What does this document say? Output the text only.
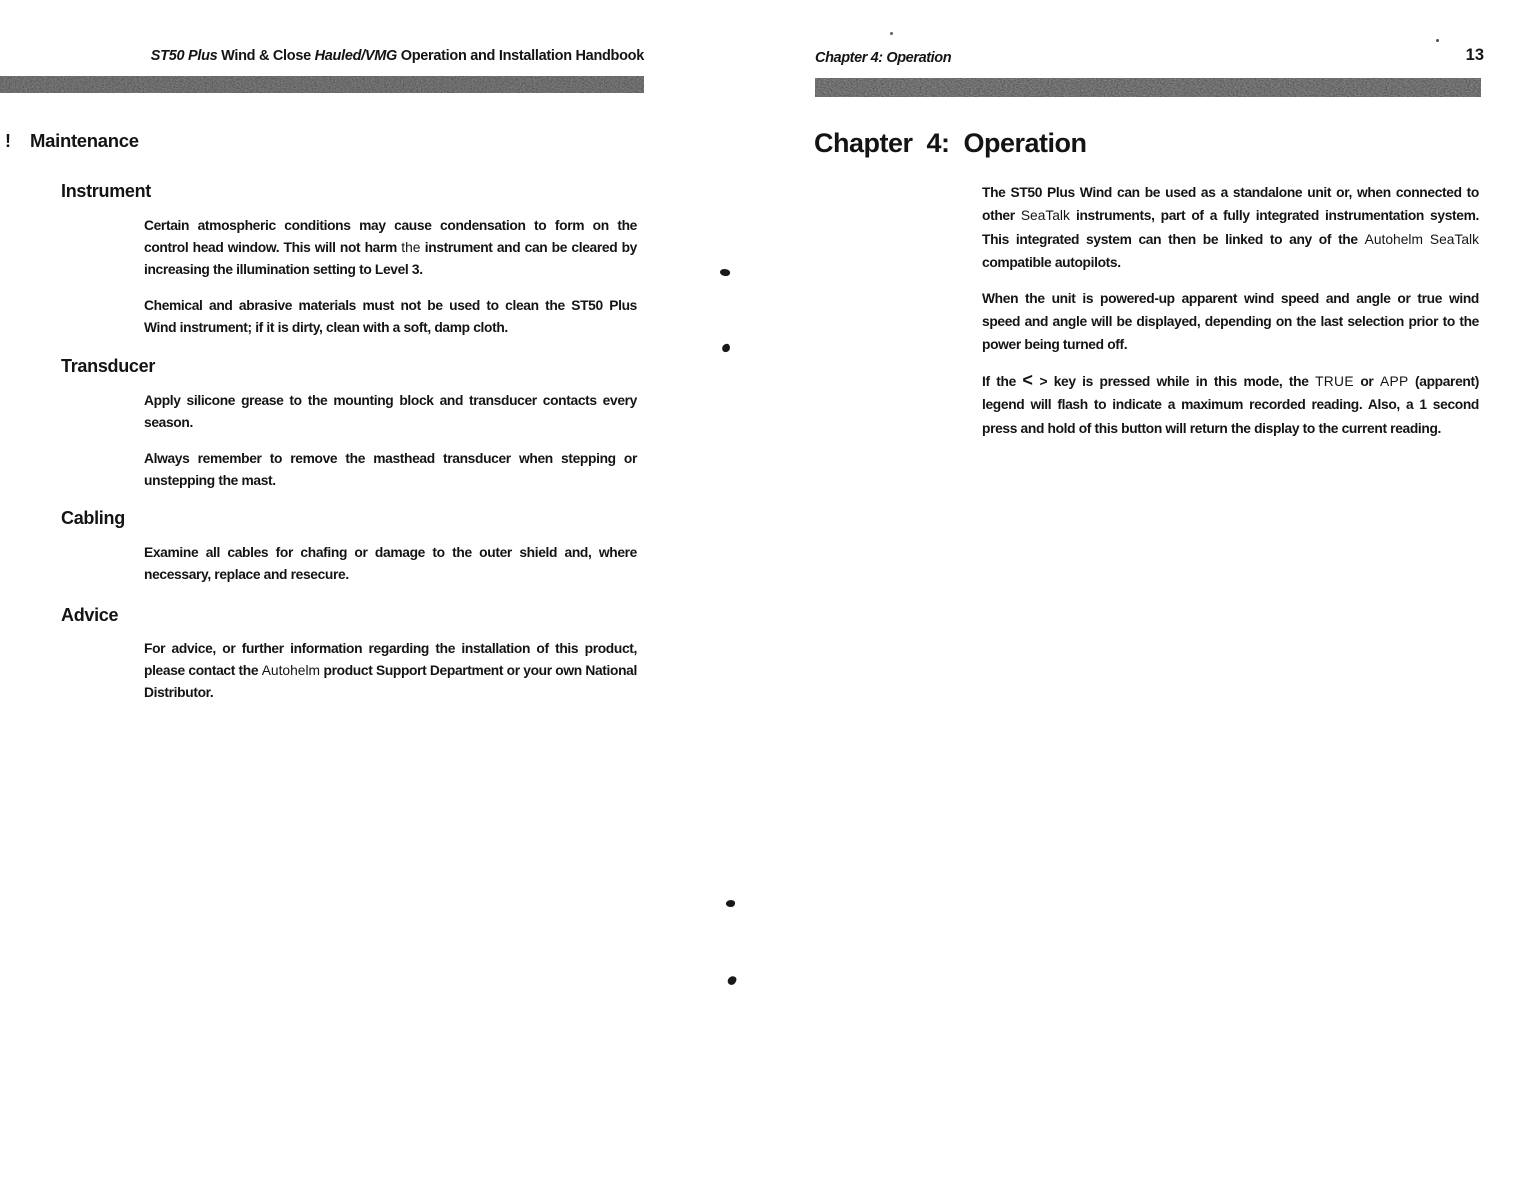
ST50 Plus Wind & Close Hauled/VMG Operation and Installation Handbook
! Maintenance
Instrument

Certain atmospheric conditions may cause condensation to form on the control head window. This will not harm the instrument and can be cleared by increasing the illumination setting to Level 3.

Chemical and abrasive materials must not be used to clean the ST50 Plus Wind instrument; if it is dirty, clean with a soft, damp cloth.

Transducer

Apply silicone grease to the mounting block and transducer contacts every season.

Always remember to remove the masthead transducer when stepping or unstepping the mast.

Cabling

Examine all cables for chafing or damage to the outer shield and, where necessary, replace and resecure.

Advice

For advice, or further information regarding the installation of this product, please contact the Autohelm product Support Department or your own National Distributor.

Chapter 4: Operation	13
Chapter 4: Operation

The ST50 Plus Wind can be used as a standalone unit or, when connected to other SeaTalk instruments, part of a fully integrated instrumentation system. This integrated system can then be linked to any of the Autohelm SeaTalk compatible autopilots.

When the unit is powered-up apparent wind speed and angle or true wind speed and angle will be displayed, depending on the last selection prior to the power being turned off.

If the < > key is pressed while in this mode, the TRUE or APP (apparent) legend will flash to indicate a maximum recorded reading. Also, a 1 second press and hold of this button will return the display to the current reading.
